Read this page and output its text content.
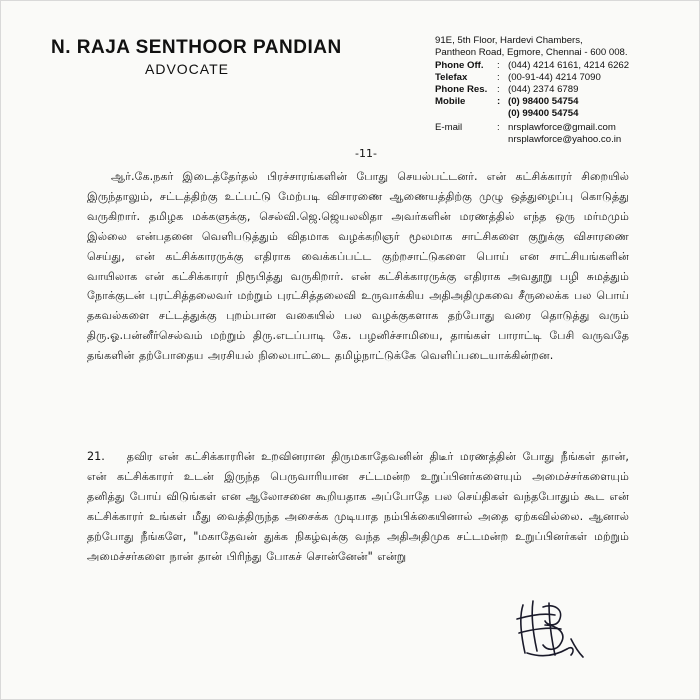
N. RAJA SENTHOOR PANDIAN
ADVOCATE
91E, 5th Floor, Hardevi Chambers,
Pantheon Road, Egmore, Chennai - 600 008.
Phone Off. : (044) 4214 6161, 4214 6262
Telefax	: (00-91-44) 4214 7090
Phone Res. : (044) 2374 6789
Mobile	: (0) 98400 54754
(0) 99400 54754
E-mail	: nrsplawforce@gmail.com
nrsplawforce@yahoo.co.in
-11-
ஆர்.கே.நகர் இடைத்தேர்தல் பிரச்சாரங்களின் போது செயல்பட்டனர். என் கட்சிக்காரர் சிறையில் இருந்தாலும், சட்டத்திற்கு உட்பட்டு மேற்படி விசாரணை ஆணையத்திற்கு முழு ஒத்துழைப்பு கொடுத்து வருகிறார். தமிழக மக்களுக்கு, செல்வி.ஜெ.ஜெயலலிதா அவர்களின் மரணத்தில் எந்த ஒரு மர்மமும் இல்லை என்பதனை வெளிபடுத்தும் விதமாக வழக்கறிஞர் மூலமாக சாட்சிகளை குறுக்கு விசாரணை செய்து, என் கட்சிக்காரருக்கு எதிராக வைக்கப்பட்ட குற்றசாட்டுகளை பொய் என சாட்சியங்களின் வாயிலாக என் கட்சிக்காரர் நிரூபித்து வருகிறார். என் கட்சிக்காரருக்கு எதிராக அவதூறு பழி சுமத்தும் நோக்குடன் புரட்சித்தலைவர் மற்றும் புரட்சித்தலைவி உருவாக்கிய அதிஅதிமுகவை சீருலைக்க பல பொய் தகவல்களை சட்டத்துக்கு புறம்பான வகையில் பல வழக்குகளாக தற்போது வரை தொடுத்து வரும் திரு.ஓ.பன்னீர்செல்வம் மற்றும் திரு.எடப்பாடி கே. பழனிச்சாமியை, தாங்கள் பாராட்டி பேசி வருவதே தங்களின் தற்போதைய அரசியல் நிலைபாட்டை தமிழ்நாட்டுக்கே வெளிப்படையாக்கின்றன.
21. தவிர என் கட்சிக்காரரின் உறவினரான திருமகாதேவனின் திடீர் மரணத்தின் போது நீங்கள் தான், என் கட்சிக்காரர் உடன் இருந்த பெருவாரியான சட்டமன்ற உறுப்பினர்களையும் அமைச்சர்களையும் தனித்து போய் விடுங்கள் என ஆலோசனை கூறியதாக அப்போதே பல செய்திகள் வந்தபோதும் கூட என் கட்சிக்காரர் உங்கள் மீது வைத்திருந்த அசைக்க முடியாத நம்பிக்கையினால் அதை ஏற்கவில்லை. ஆனால் தற்போது நீங்களே, "மகாதேவன் துக்க நிகழ்வுக்கு வந்த அதிஅதிமுக சட்டமன்ற உறுப்பினர்கள் மற்றும் அமைச்சர்களை நான் தான் பிரிந்து போகச் சொன்னேன்" என்று
